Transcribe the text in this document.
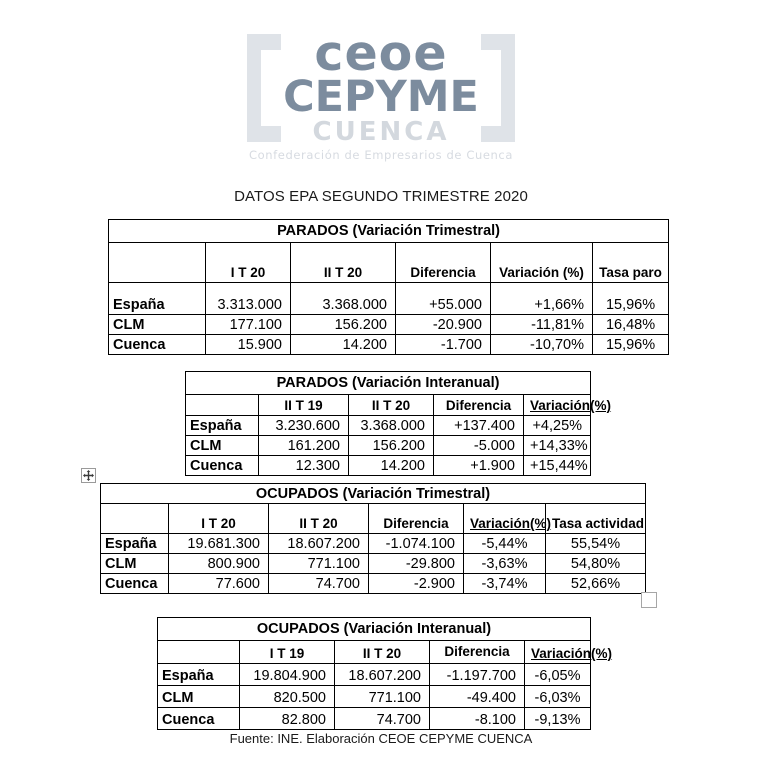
ceoe
CEPYME
CUENCA
Confederación de Empresarios de Cuenca
DATOS EPA SEGUNDO TRIMESTRE 2020
PARADOS (Variación Trimestral)					
	I T 20	II T 20	Diferencia	Variación (%)	Tasa paro
España	3.313.000	3.368.000	+55.000	+1,66%	15,96%
CLM	177.100	156.200	-20.900	-11,81%	16,48%
Cuenca	15.900	14.200	-1.700	-10,70%	15,96%
PARADOS (Variación Interanual)				
	II T 19	II T 20	Diferencia	Variación(%)
España	3.230.600	3.368.000	+137.400	+4,25%
CLM	161.200	156.200	-5.000	+14,33%
Cuenca	12.300	14.200	+1.900	+15,44%
OCUPADOS (Variación Trimestral)					
	I T 20	II T 20	Diferencia	Variación(%)	Tasa actividad
España	19.681.300	18.607.200	-1.074.100	-5,44%	55,54%
CLM	800.900	771.100	-29.800	-3,63%	54,80%
Cuenca	77.600	74.700	-2.900	-3,74%	52,66%
OCUPADOS (Variación Interanual)				
	I T 19	II T 20	Diferencia	Variación(%)
España	19.804.900	18.607.200	-1.197.700	-6,05%
CLM	820.500	771.100	-49.400	-6,03%
Cuenca	82.800	74.700	-8.100	-9,13%
Fuente: INE. Elaboración CEOE CEPYME CUENCA
